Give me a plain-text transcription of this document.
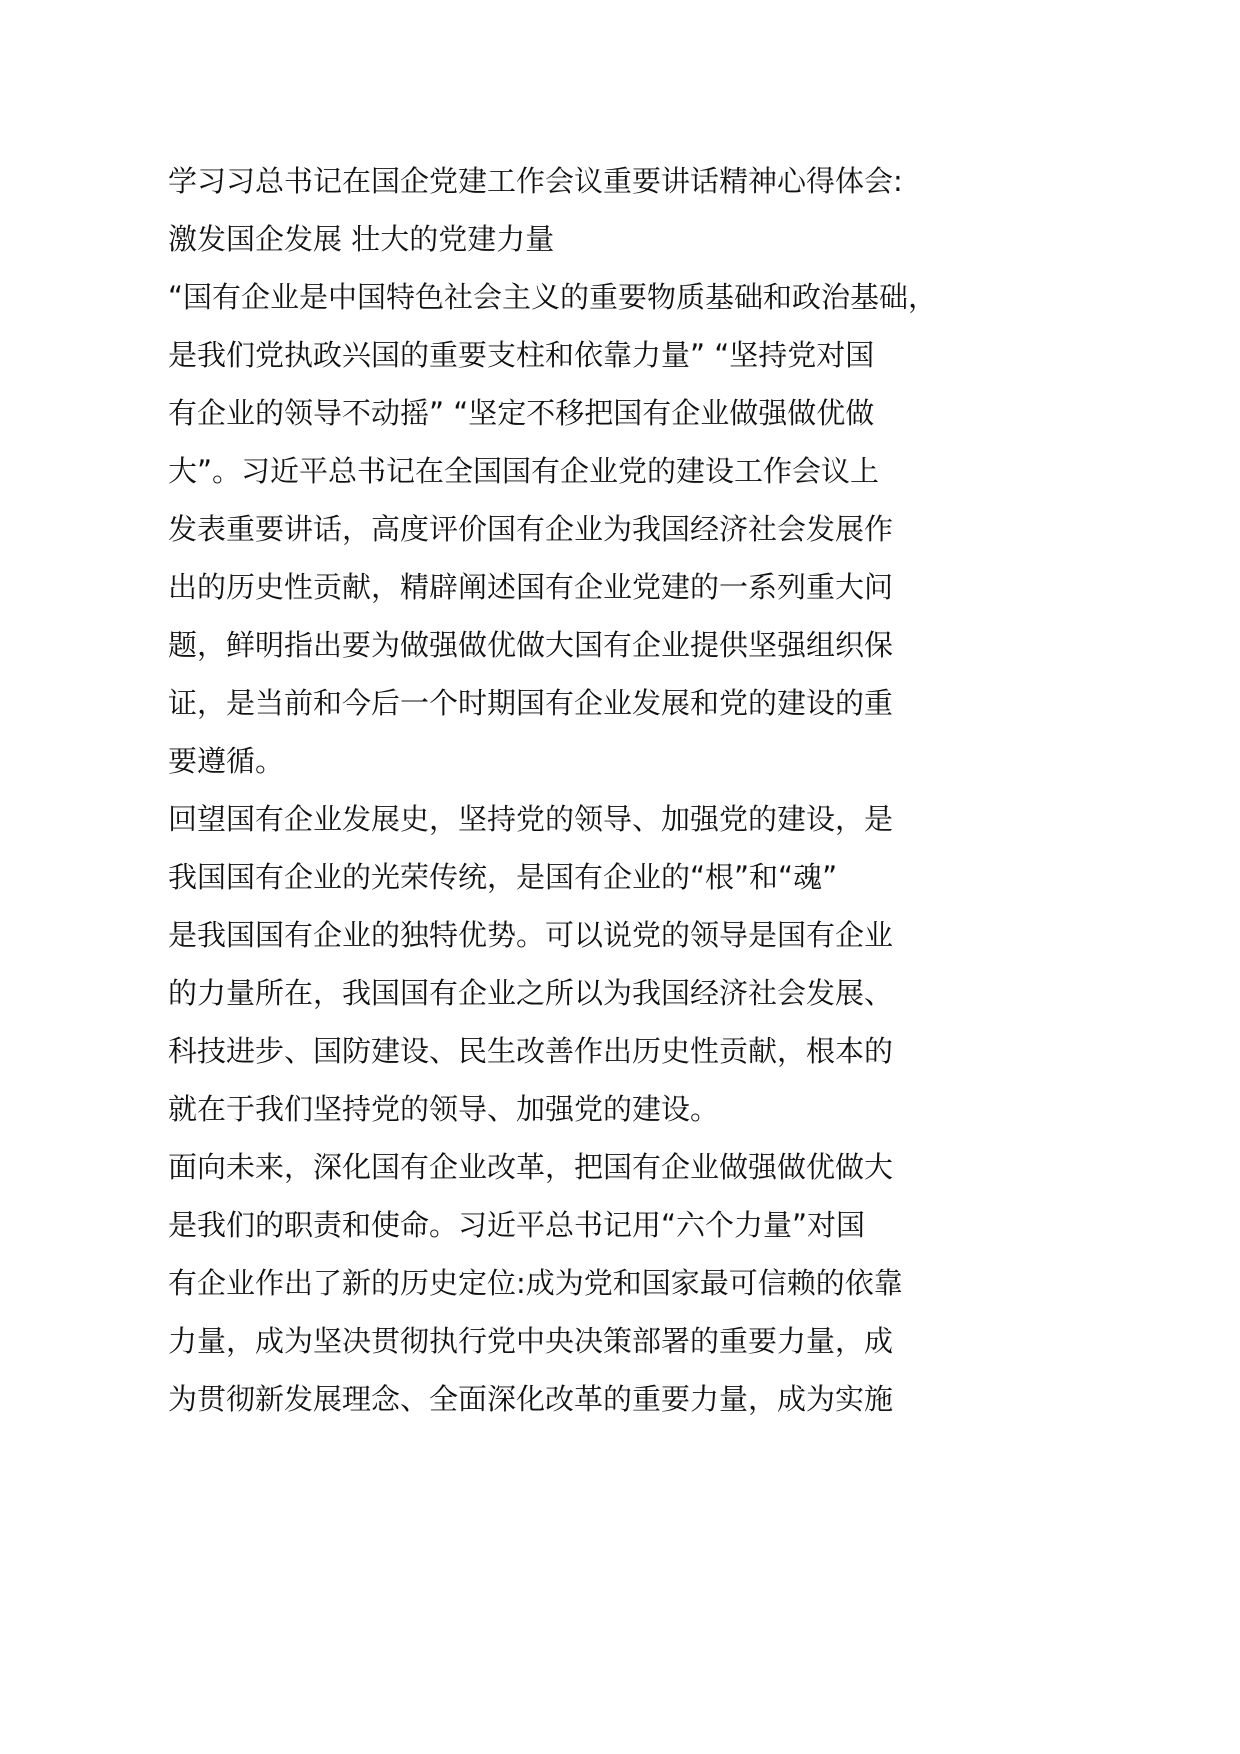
学习习总书记在国企党建工作会议重要讲话精神心得体会:
激发国企发展 壮大的党建力量
“国有企业是中国特色社会主义的重要物质基础和政治基础，
是我们党执政兴国的重要支柱和依靠力量” “坚持党对国
有企业的领导不动摇” “坚定不移把国有企业做强做优做
大”。习近平总书记在全国国有企业党的建设工作会议上
发表重要讲话，高度评价国有企业为我国经济社会发展作
出的历史性贡献，精辟阐述国有企业党建的一系列重大问
题，鲜明指出要为做强做优做大国有企业提供坚强组织保
证，是当前和今后一个时期国有企业发展和党的建设的重
要遵循。
回望国有企业发展史，坚持党的领导、加强党的建设，是
我国国有企业的光荣传统，是国有企业的“根”和“魂”
是我国国有企业的独特优势。可以说党的领导是国有企业
的力量所在，我国国有企业之所以为我国经济社会发展、
科技进步、国防建设、民生改善作出历史性贡献，根本的
就在于我们坚持党的领导、加强党的建设。
面向未来，深化国有企业改革，把国有企业做强做优做大
是我们的职责和使命。习近平总书记用“六个力量”对国
有企业作出了新的历史定位:成为党和国家最可信赖的依靠
力量，成为坚决贯彻执行党中央决策部署的重要力量，成
为贯彻新发展理念、全面深化改革的重要力量，成为实施
